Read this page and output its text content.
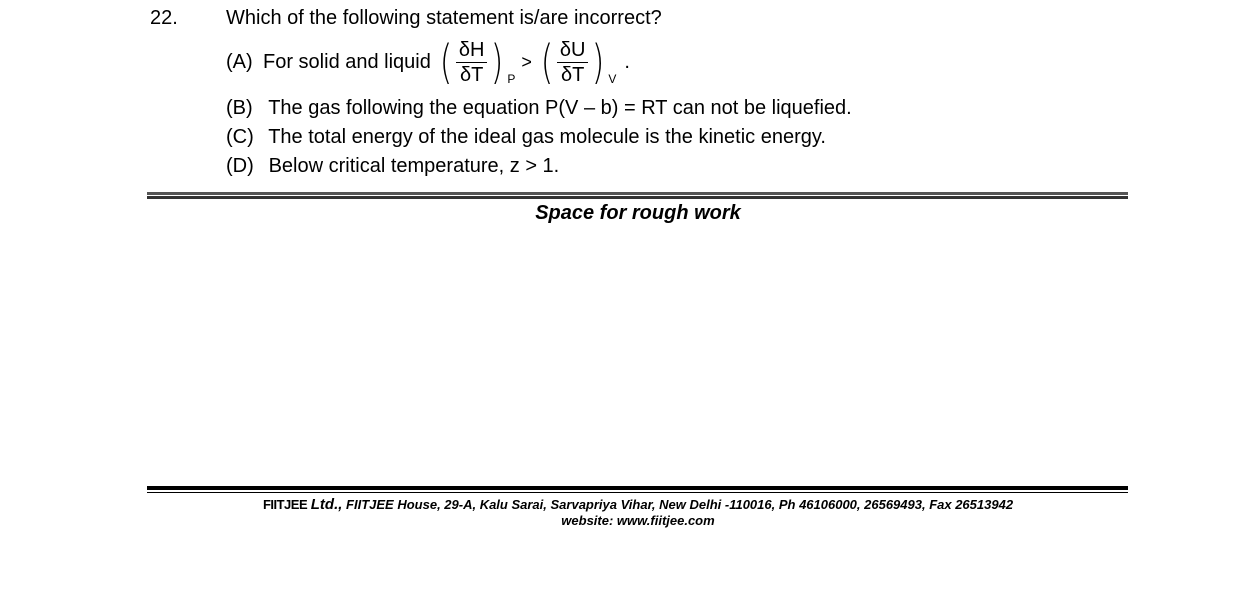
22. Which of the following statement is/are incorrect?
(A) For solid and liquid ( $\frac{\delta H}{\delta T}$ ) P
> ( $\frac{\delta U}{\delta T}$ ) V
.
(B) The gas following the equation P(V – b) = RT can not be liquefied.
(C) The total energy of the ideal gas molecule is the kinetic energy.
(D) Below critical temperature, z > 1.
Space for rough work
FIITJEE Ltd., FIITJEE House, 29-A, Kalu Sarai, Sarvapriya Vihar, New Delhi -110016, Ph 46106000, 26569493, Fax 26513942
website: www.fiitjee.com
